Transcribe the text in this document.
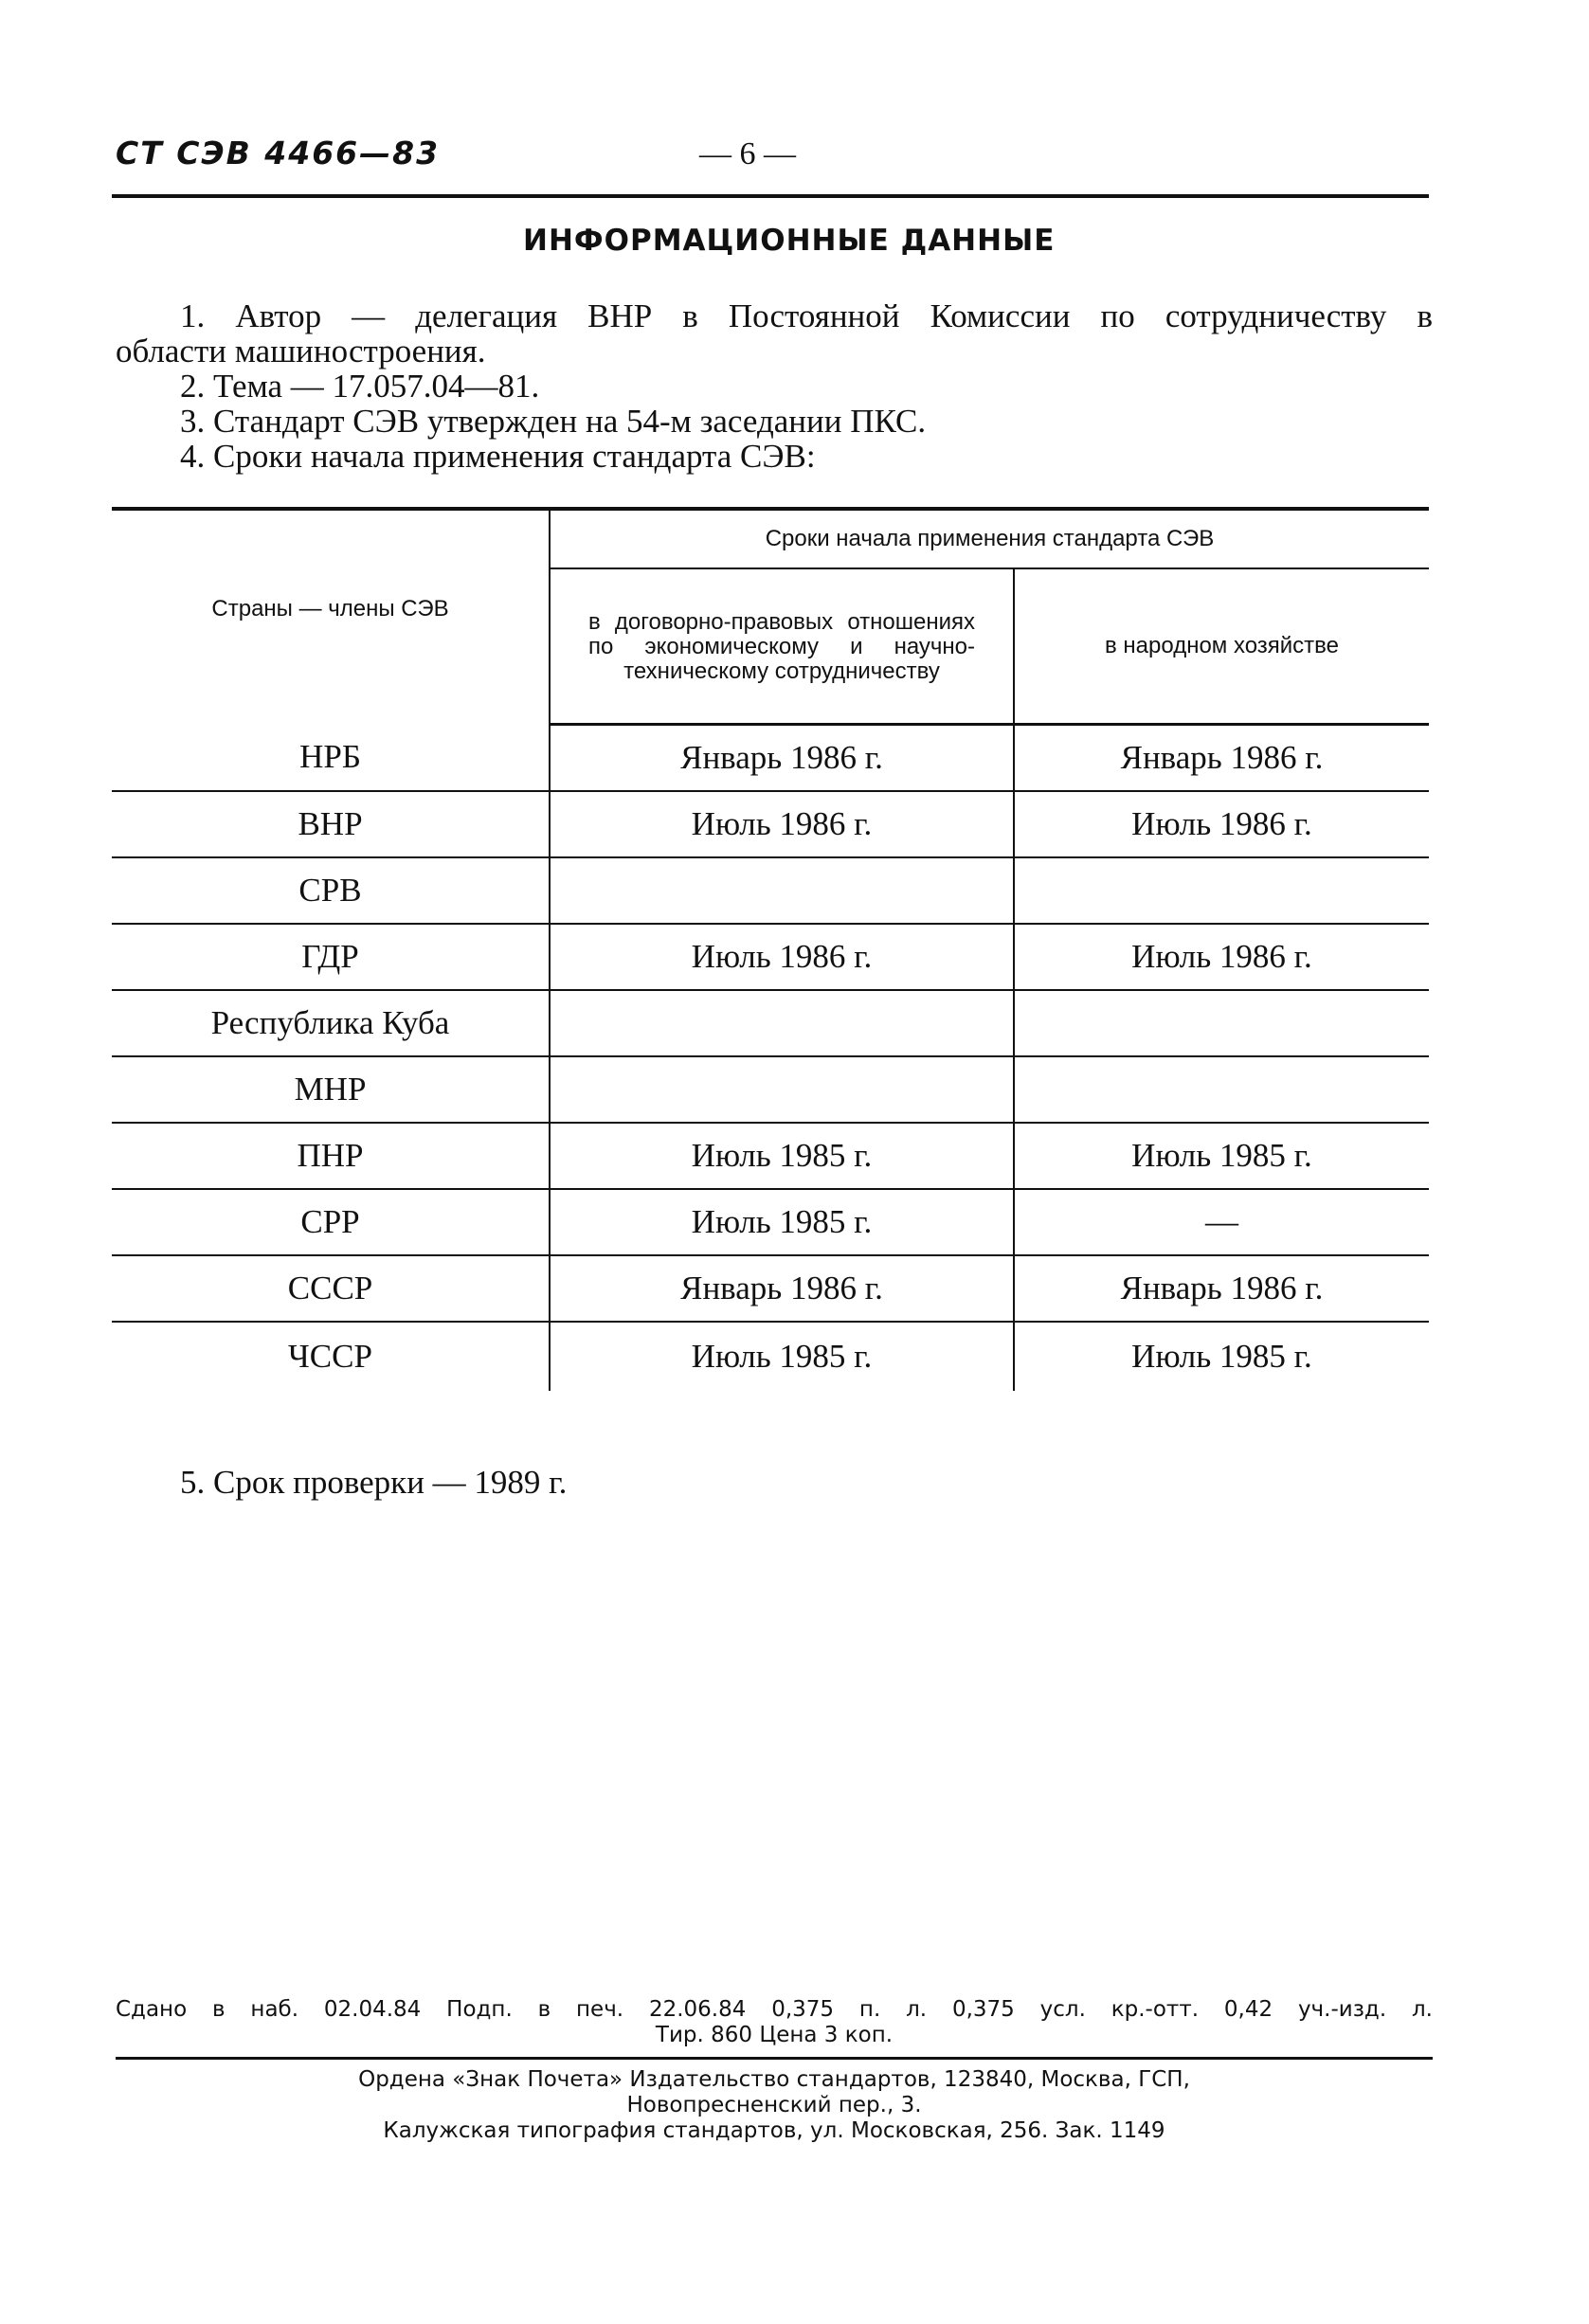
СТ СЭВ 4466—83	— 6 —
ИНФОРМАЦИОННЫЕ ДАННЫЕ

1. Автор — делегация ВНР в Постоянной Комиссии по сотрудничеству в

области машиностроения.

2. Тема — 17.057.04—81.

3. Стандарт СЭВ утвержден на 54-м заседании ПКС.

4. Сроки начала применения стандарта СЭВ:

Страны — члены СЭВ	Сроки начала применения стандарта СЭВ	
	в договорно-правовых отношениях по экономическому и научно-техническому сотрудничеству	в народном хозяйстве
НРБ	Январь 1986 г.	Январь 1986 г.
ВНР	Июль 1986 г.	Июль 1986 г.
СРВ		
ГДР	Июль 1986 г.	Июль 1986 г.
Республика Куба		
МНР		
ПНР	Июль 1985 г.	Июль 1985 г.
СРР	Июль 1985 г.	—
СССР	Январь 1986 г.	Январь 1986 г.
ЧССР	Июль 1985 г.	Июль 1985 г.
5. Срок проверки — 1989 г.

Сдано в наб. 02.04.84 Подп. в печ. 22.06.84 0,375 п. л. 0,375 усл. кр.-отт. 0,42 уч.-изд. л.

Тир. 860 Цена 3 коп.

Ордена «Знак Почета» Издательство стандартов, 123840, Москва, ГСП,

Новопресненский пер., 3.

Калужская типография стандартов, ул. Московская, 256. Зак. 1149
